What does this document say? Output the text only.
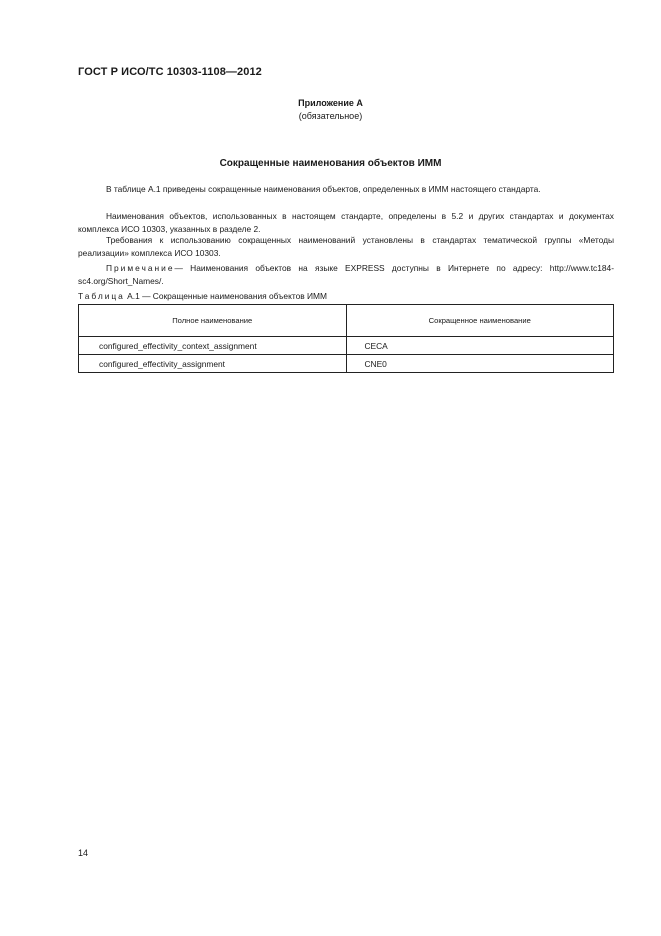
ГОСТ Р ИСО/ТС 10303-1108—2012
Приложение А
(обязательное)
Сокращенные наименования объектов ИММ
В таблице А.1 приведены сокращенные наименования объектов, определенных в ИММ настоящего стандарта.
Наименования объектов, использованных в настоящем стандарте, определены в 5.2 и других стандартах и документах комплекса ИСО 10303, указанных в разделе 2.
Требования к использованию сокращенных наименований установлены в стандартах тематической группы «Методы реализации» комплекса ИСО 10303.
Примечание— Наименования объектов на языке EXPRESS доступны в Интернете по адресу: http://www.tc184-sc4.org/Short_Names/.
Таблица А.1 — Сокращенные наименования объектов ИММ
Полное наименование	Сокращенное наименование
configured_effectivity_context_assignment	CECA
configured_effectivity_assignment	CNE0
14
